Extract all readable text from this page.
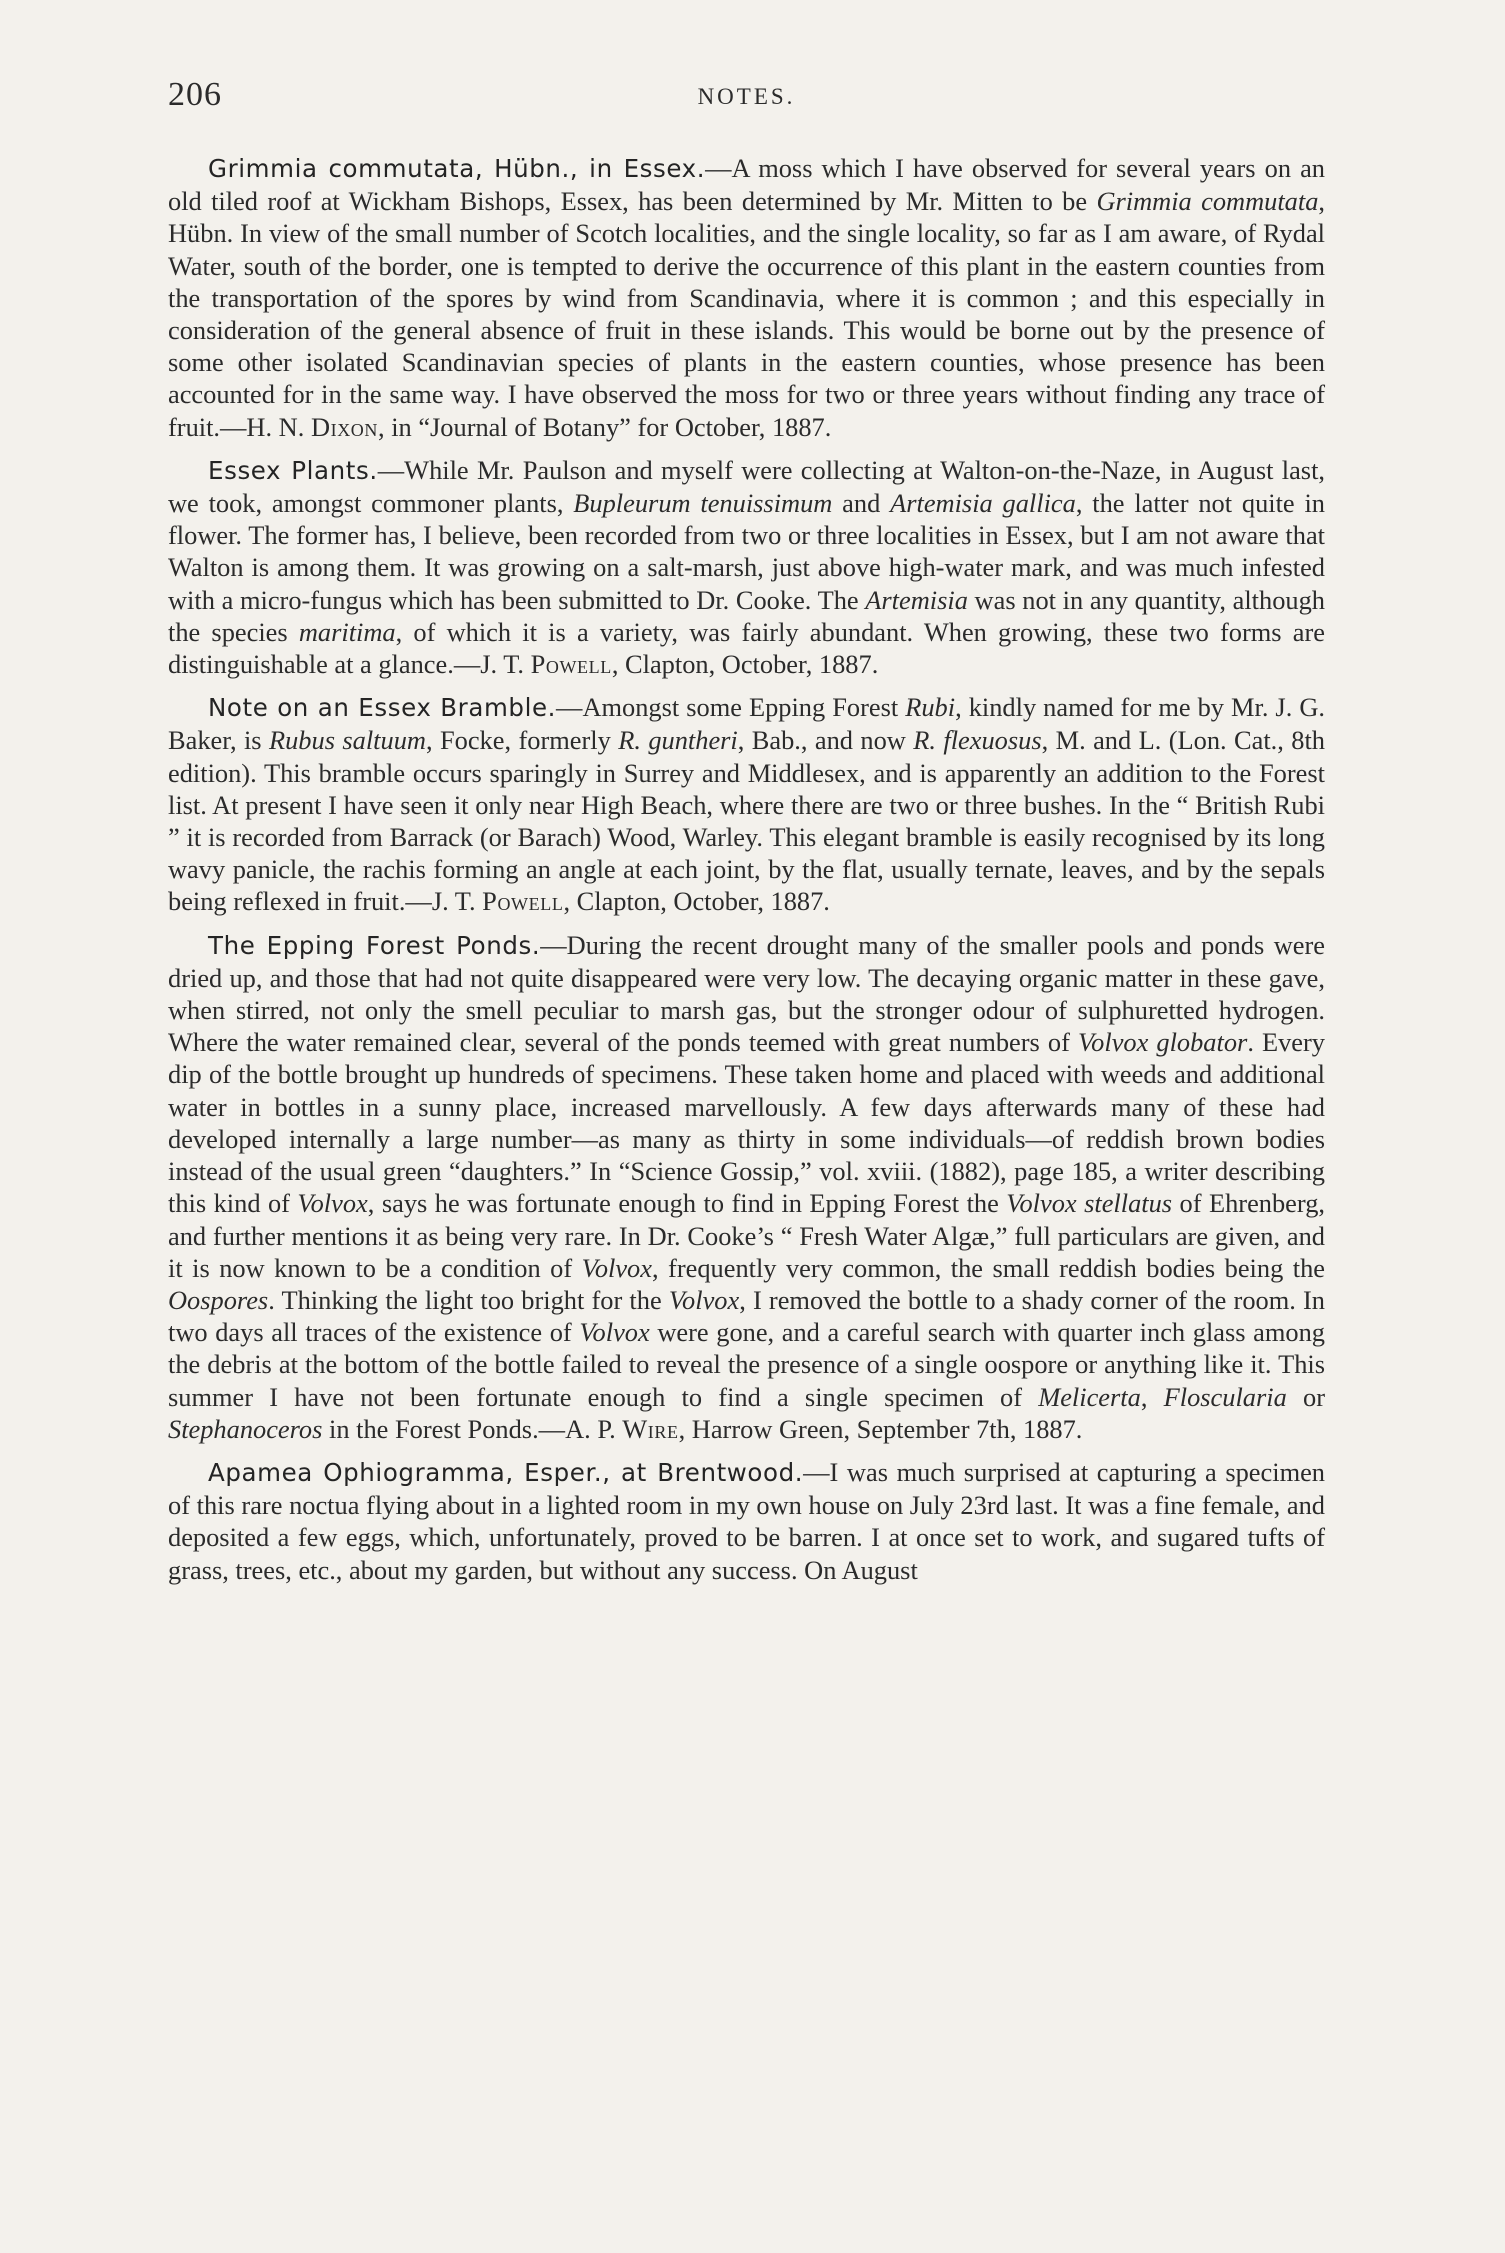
206	NOTES.

Grimmia commutata, Hübn., in Essex.—A moss which I have observed for several years on an old tiled roof at Wickham Bishops, Essex, has been determined by Mr. Mitten to be Grimmia commutata, Hübn. In view of the small number of Scotch localities, and the single locality, so far as I am aware, of Rydal Water, south of the border, one is tempted to derive the occurrence of this plant in the eastern counties from the transportation of the spores by wind from Scandinavia, where it is common ; and this especially in consideration of the general absence of fruit in these islands. This would be borne out by the presence of some other isolated Scandinavian species of plants in the eastern counties, whose presence has been accounted for in the same way. I have observed the moss for two or three years without finding any trace of fruit.—H. N. Dixon, in “Journal of Botany” for October, 1887.

Essex Plants.—While Mr. Paulson and myself were collecting at Walton-on-the-Naze, in August last, we took, amongst commoner plants, Bupleurum tenuissimum and Artemisia gallica, the latter not quite in flower. The former has, I believe, been recorded from two or three localities in Essex, but I am not aware that Walton is among them. It was growing on a salt-marsh, just above high-water mark, and was much infested with a micro-fungus which has been submitted to Dr. Cooke. The Artemisia was not in any quantity, although the species maritima, of which it is a variety, was fairly abundant. When growing, these two forms are distinguishable at a glance.—J. T. Powell, Clapton, October, 1887.

Note on an Essex Bramble.—Amongst some Epping Forest Rubi, kindly named for me by Mr. J. G. Baker, is Rubus saltuum, Focke, formerly R. guntheri, Bab., and now R. flexuosus, M. and L. (Lon. Cat., 8th edition). This bramble occurs sparingly in Surrey and Middlesex, and is apparently an addition to the Forest list. At present I have seen it only near High Beach, where there are two or three bushes. In the “ British Rubi ” it is recorded from Barrack (or Barach) Wood, Warley. This elegant bramble is easily recognised by its long wavy panicle, the rachis forming an angle at each joint, by the flat, usually ternate, leaves, and by the sepals being reflexed in fruit.—J. T. Powell, Clapton, October, 1887.

The Epping Forest Ponds.—During the recent drought many of the smaller pools and ponds were dried up, and those that had not quite disappeared were very low. The decaying organic matter in these gave, when stirred, not only the smell peculiar to marsh gas, but the stronger odour of sulphuretted hydrogen. Where the water remained clear, several of the ponds teemed with great numbers of Volvox globator. Every dip of the bottle brought up hundreds of specimens. These taken home and placed with weeds and additional water in bottles in a sunny place, increased marvellously. A few days afterwards many of these had developed internally a large number—as many as thirty in some individuals—of reddish brown bodies instead of the usual green “daughters.” In “Science Gossip,” vol. xviii. (1882), page 185, a writer describing this kind of Volvox, says he was fortunate enough to find in Epping Forest the Volvox stellatus of Ehrenberg, and further mentions it as being very rare. In Dr. Cooke’s “ Fresh Water Algæ,” full particulars are given, and it is now known to be a condition of Volvox, frequently very common, the small reddish bodies being the Oospores. Thinking the light too bright for the Volvox, I removed the bottle to a shady corner of the room. In two days all traces of the existence of Volvox were gone, and a careful search with quarter inch glass among the debris at the bottom of the bottle failed to reveal the presence of a single oospore or anything like it. This summer I have not been fortunate enough to find a single specimen of Melicerta, Floscularia or Stephanoceros in the Forest Ponds.—A. P. Wire, Harrow Green, September 7th, 1887.

Apamea Ophiogramma, Esper., at Brentwood.—I was much surprised at capturing a specimen of this rare noctua flying about in a lighted room in my own house on July 23rd last. It was a fine female, and deposited a few eggs, which, unfortunately, proved to be barren. I at once set to work, and sugared tufts of grass, trees, etc., about my garden, but without any success. On August
